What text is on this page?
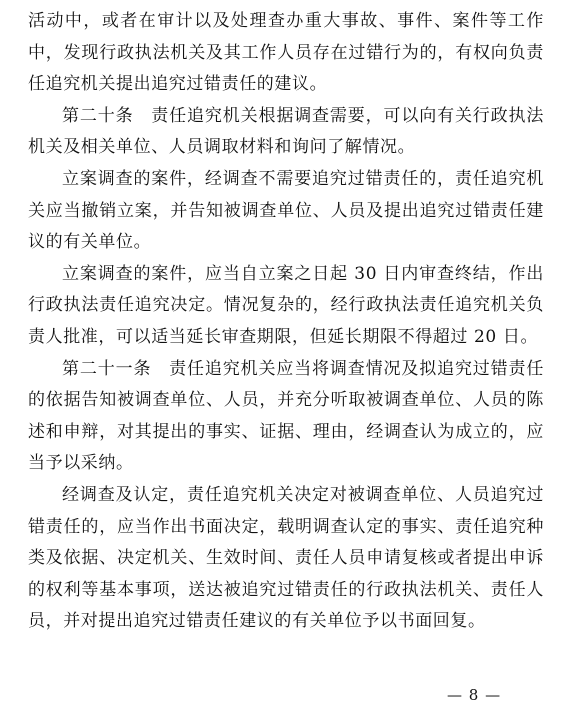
活动中，或者在审计以及处理查办重大事故、事件、案件等工作中，发现行政执法机关及其工作人员存在过错行为的，有权向负责任追究机关提出追究过错责任的建议。

第二十条　责任追究机关根据调查需要，可以向有关行政执法机关及相关单位、人员调取材料和询问了解情况。

立案调查的案件，经调查不需要追究过错责任的，责任追究机关应当撤销立案，并告知被调查单位、人员及提出追究过错责任建议的有关单位。

立案调查的案件，应当自立案之日起 30 日内审查终结，作出行政执法责任追究决定。情况复杂的，经行政执法责任追究机关负责人批准，可以适当延长审查期限，但延长期限不得超过 20 日。

第二十一条　责任追究机关应当将调查情况及拟追究过错责任的依据告知被调查单位、人员，并充分听取被调查单位、人员的陈述和申辩，对其提出的事实、证据、理由，经调查认为成立的，应当予以采纳。

经调查及认定，责任追究机关决定对被调查单位、人员追究过错责任的，应当作出书面决定，载明调查认定的事实、责任追究种类及依据、决定机关、生效时间、责任人员申请复核或者提出申诉的权利等基本事项，送达被追究过错责任的行政执法机关、责任人员，并对提出追究过错责任建议的有关单位予以书面回复。

— 8 —
